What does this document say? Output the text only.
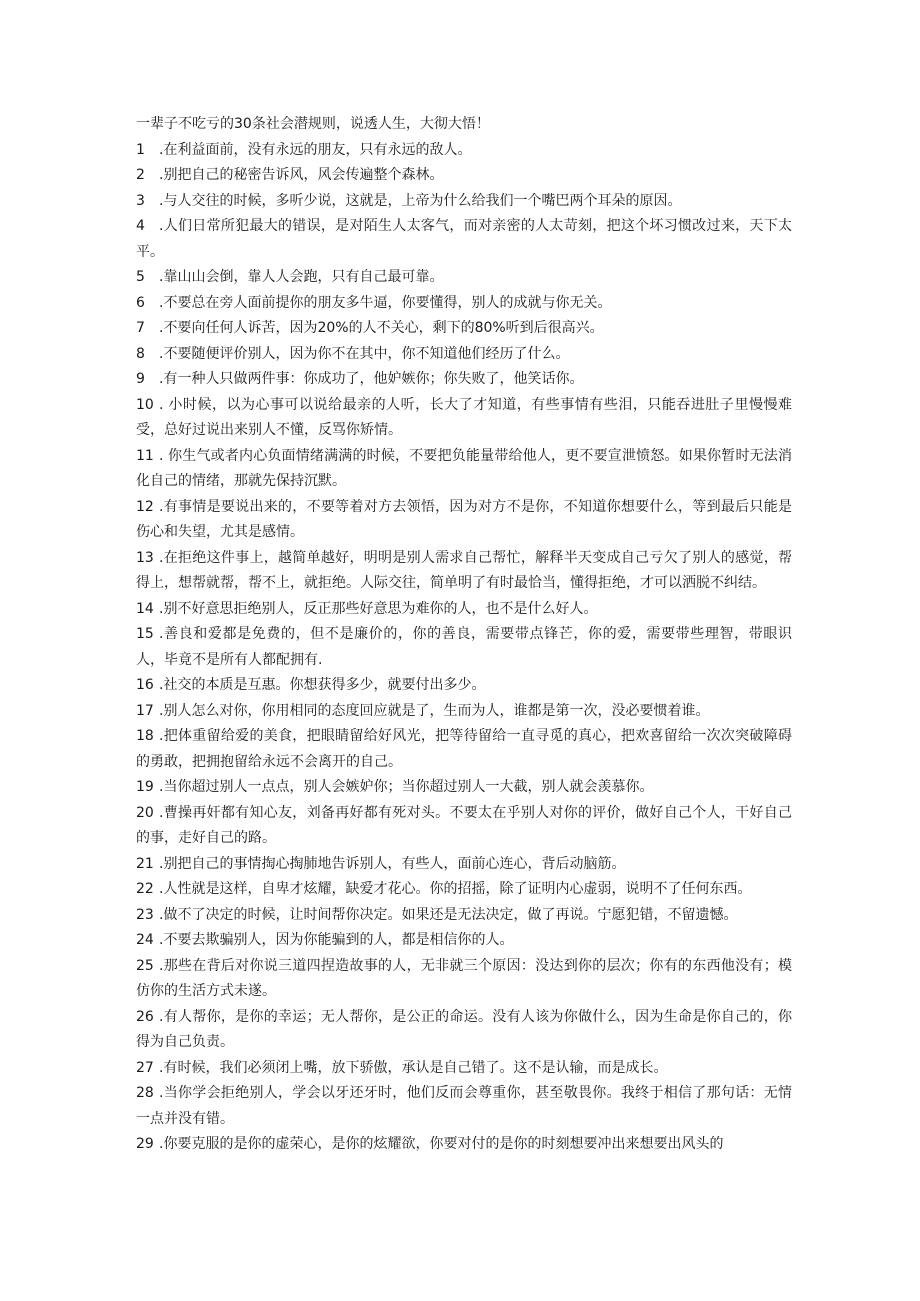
一辈子不吃亏的30条社会潜规则，说透人生，大彻大悟！

1 .在利益面前，没有永远的朋友，只有永远的敌人。
2 .别把自己的秘密告诉风，风会传遍整个森林。
3 .与人交往的时候，多听少说，这就是，上帝为什么给我们一个嘴巴两个耳朵的原因。
4 .人们日常所犯最大的错误，是对陌生人太客气，而对亲密的人太苛刻，把这个坏习惯改过来，天下太平。
5 .靠山山会倒，靠人人会跑，只有自己最可靠。
6 .不要总在旁人面前提你的朋友多牛逼，你要懂得，别人的成就与你无关。
7 .不要向任何人诉苦，因为20%的人不关心，剩下的80%听到后很高兴。
8 .不要随便评价别人，因为你不在其中，你不知道他们经历了什么。
9 .有一种人只做两件事：你成功了，他妒嫉你；你失败了，他笑话你。
10 . 小时候，以为心事可以说给最亲的人听，长大了才知道，有些事情有些泪，只能吞进肚子里慢慢难受，总好过说出来别人不懂，反骂你矫情。
11 . 你生气或者内心负面情绪满满的时候，不要把负能量带给他人，更不要宣泄愤怒。如果你暂时无法消化自己的情绪，那就先保持沉默。
12 .有事情是要说出来的，不要等着对方去领悟，因为对方不是你，不知道你想要什么，等到最后只能是伤心和失望，尤其是感情。
13 .在拒绝这件事上，越简单越好，明明是别人需求自己帮忙，解释半天变成自己亏欠了别人的感觉，帮得上，想帮就帮，帮不上，就拒绝。人际交往，简单明了有时最恰当，懂得拒绝，才可以洒脱不纠结。
14 .别不好意思拒绝别人，反正那些好意思为难你的人，也不是什么好人。
15 .善良和爱都是免费的，但不是廉价的，你的善良，需要带点锋芒，你的爱，需要带些理智，带眼识人，毕竟不是所有人都配拥有.
16 .社交的本质是互惠。你想获得多少，就要付出多少。
17 .别人怎么对你，你用相同的态度回应就是了，生而为人，谁都是第一次，没必要惯着谁。
18 .把体重留给爱的美食，把眼睛留给好风光，把等待留给一直寻觅的真心，把欢喜留给一次次突破障碍的勇敢，把拥抱留给永远不会离开的自己。
19 .当你超过别人一点点，别人会嫉妒你；当你超过别人一大截，别人就会羡慕你。
20 .曹操再奸都有知心友，刘备再好都有死对头。不要太在乎别人对你的评价，做好自己个人，干好自己的事，走好自己的路。
21 .别把自己的事情掏心掏肺地告诉别人，有些人，面前心连心，背后动脑筋。
22 .人性就是这样，自卑才炫耀，缺爱才花心。你的招摇，除了证明内心虚弱，说明不了任何东西。
23 .做不了决定的时候，让时间帮你决定。如果还是无法决定，做了再说。宁愿犯错，不留遗憾。
24 .不要去欺骗别人，因为你能骗到的人，都是相信你的人。
25 .那些在背后对你说三道四捏造故事的人，无非就三个原因：没达到你的层次；你有的东西他没有；模仿你的生活方式未遂。
26 .有人帮你，是你的幸运；无人帮你，是公正的命运。没有人该为你做什么，因为生命是你自己的，你得为自己负责。
27 .有时候，我们必须闭上嘴，放下骄傲，承认是自己错了。这不是认输，而是成长。
28 .当你学会拒绝别人，学会以牙还牙时，他们反而会尊重你，甚至敬畏你。我终于相信了那句话：无情一点并没有错。
29 .你要克服的是你的虚荣心，是你的炫耀欲，你要对付的是你的时刻想要冲出来想要出风头的
